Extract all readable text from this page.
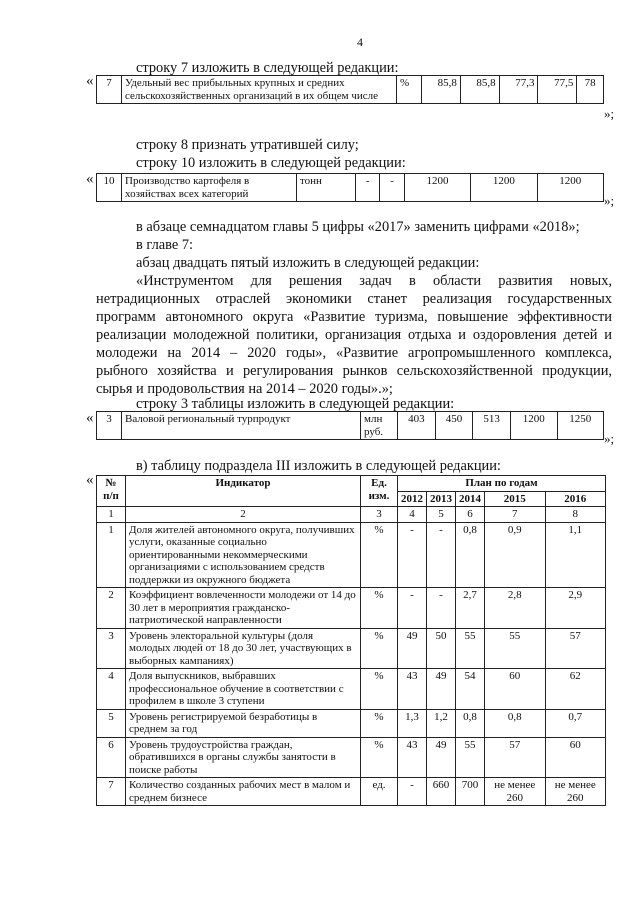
4
строку 7 изложить в следующей редакции:
« 7	Удельный вес прибыльных крупных и средних сельскохозяйственных организаций в их общем числе	%	85,8	85,8	77,3	77,5	78
»;
строку 8 признать утратившей силу;
строку 10 изложить в следующей редакции:
« 10	Производство картофеля в хозяйствах всех категорий	тонн	-	-	1200	1200	1200
»;
в абзаце семнадцатом главы 5 цифры «2017» заменить цифрами «2018»;
в главе 7:
абзац двадцать пятый изложить в следующей редакции:
«Инструментом для решения задач в области развития новых,
нетрадиционных отраслей экономики станет реализация государственных
программ автономного округа «Развитие туризма, повышение эффективности
реализации молодежной политики, организация отдыха и оздоровления детей и
молодежи на 2014 – 2020 годы», «Развитие агропромышленного комплекса,
рыбного хозяйства и регулирования рынков сельскохозяйственной продукции,
сырья и продовольствия на 2014 – 2020 годы».»;
строку 3 таблицы изложить в следующей редакции:
« 3	Валовой региональный турпродукт	млн руб.	403	450	513	1200	1250
»;
в) таблицу подраздела III изложить в следующей редакции:
« № п/п	Индикатор	Ед. изм.	План по годам				
			2012	2013	2014	2015	2016
1	2	3	4	5	6	7	8
1	Доля жителей автономного округа, получивших услуги, оказанные социально ориентированными некоммерческими организациями с использованием средств поддержки из окружного бюджета	%	-	-	0,8	0,9	1,1
2	Коэффициент вовлеченности молодежи от 14 до 30 лет в мероприятия гражданско-патриотической направленности	%	-	-	2,7	2,8	2,9
3	Уровень электоральной культуры (доля молодых людей от 18 до 30 лет, участвующих в выборных кампаниях)	%	49	50	55	55	57
4	Доля выпускников, выбравших профессиональное обучение в соответствии с профилем в школе 3 ступени	%	43	49	54	60	62
5	Уровень регистрируемой безработицы в среднем за год	%	1,3	1,2	0,8	0,8	0,7
6	Уровень трудоустройства граждан, обратившихся в органы службы занятости в поиске работы	%	43	49	55	57	60
7	Количество созданных рабочих мест в малом и среднем бизнесе	ед.	-	660	700	не менее 260	не менее 260
